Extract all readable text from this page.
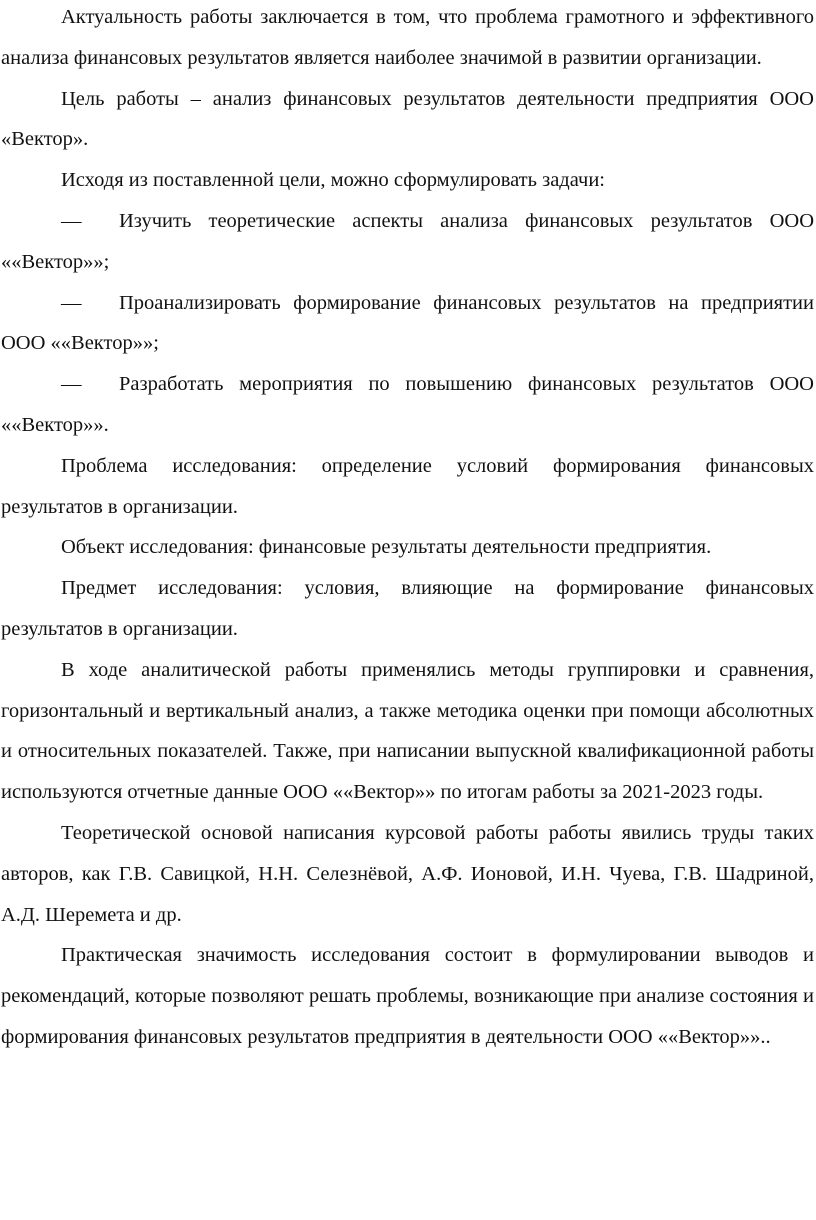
Актуальность работы заключается в том, что проблема грамотного и эффективного анализа финансовых результатов является наиболее значимой в развитии организации.

Цель работы – анализ финансовых результатов деятельности предприятия ООО «Вектор».

Исходя из поставленной цели, можно сформулировать задачи:

— Изучить теоретические аспекты анализа финансовых результатов ООО ««Вектор»»;

— Проанализировать формирование финансовых результатов на предприятии ООО ««Вектор»»;

— Разработать мероприятия по повышению финансовых результатов ООО ««Вектор»».

Проблема исследования: определение условий формирования финансовых результатов в организации.

Объект исследования: финансовые результаты деятельности предприятия.

Предмет исследования: условия, влияющие на формирование финансовых результатов в организации.

В ходе аналитической работы применялись методы группировки и сравнения, горизонтальный и вертикальный анализ, а также методика оценки при помощи абсолютных и относительных показателей. Также, при написании выпускной квалификационной работы используются отчетные данные ООО ««Вектор»» по итогам работы за 2021-2023 годы.

Теоретической основой написания курсовой работы работы явились труды таких авторов, как Г.В. Савицкой, Н.Н. Селезнёвой, А.Ф. Ионовой, И.Н. Чуева, Г.В. Шадриной, А.Д. Шеремета и др.

Практическая значимость исследования состоит в формулировании выводов и рекомендаций, которые позволяют решать проблемы, возникающие при анализе состояния и формирования финансовых результатов предприятия в деятельности ООО ««Вектор»»..
